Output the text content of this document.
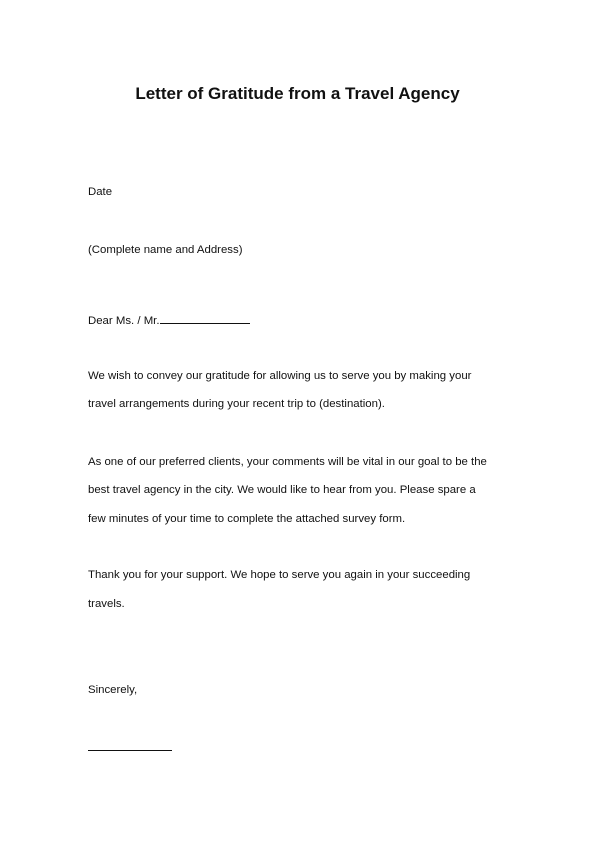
Letter of Gratitude from a Travel Agency
Date
(Complete name and Address)
Dear Ms. / Mr.
We wish to convey our gratitude for allowing us to serve you by making your
travel arrangements during your recent trip to (destination).
As one of our preferred clients, your comments will be vital in our goal to be the
best travel agency in the city. We would like to hear from you. Please spare a
few minutes of your time to complete the attached survey form.
Thank you for your support. We hope to serve you again in your succeeding
travels.
Sincerely,
